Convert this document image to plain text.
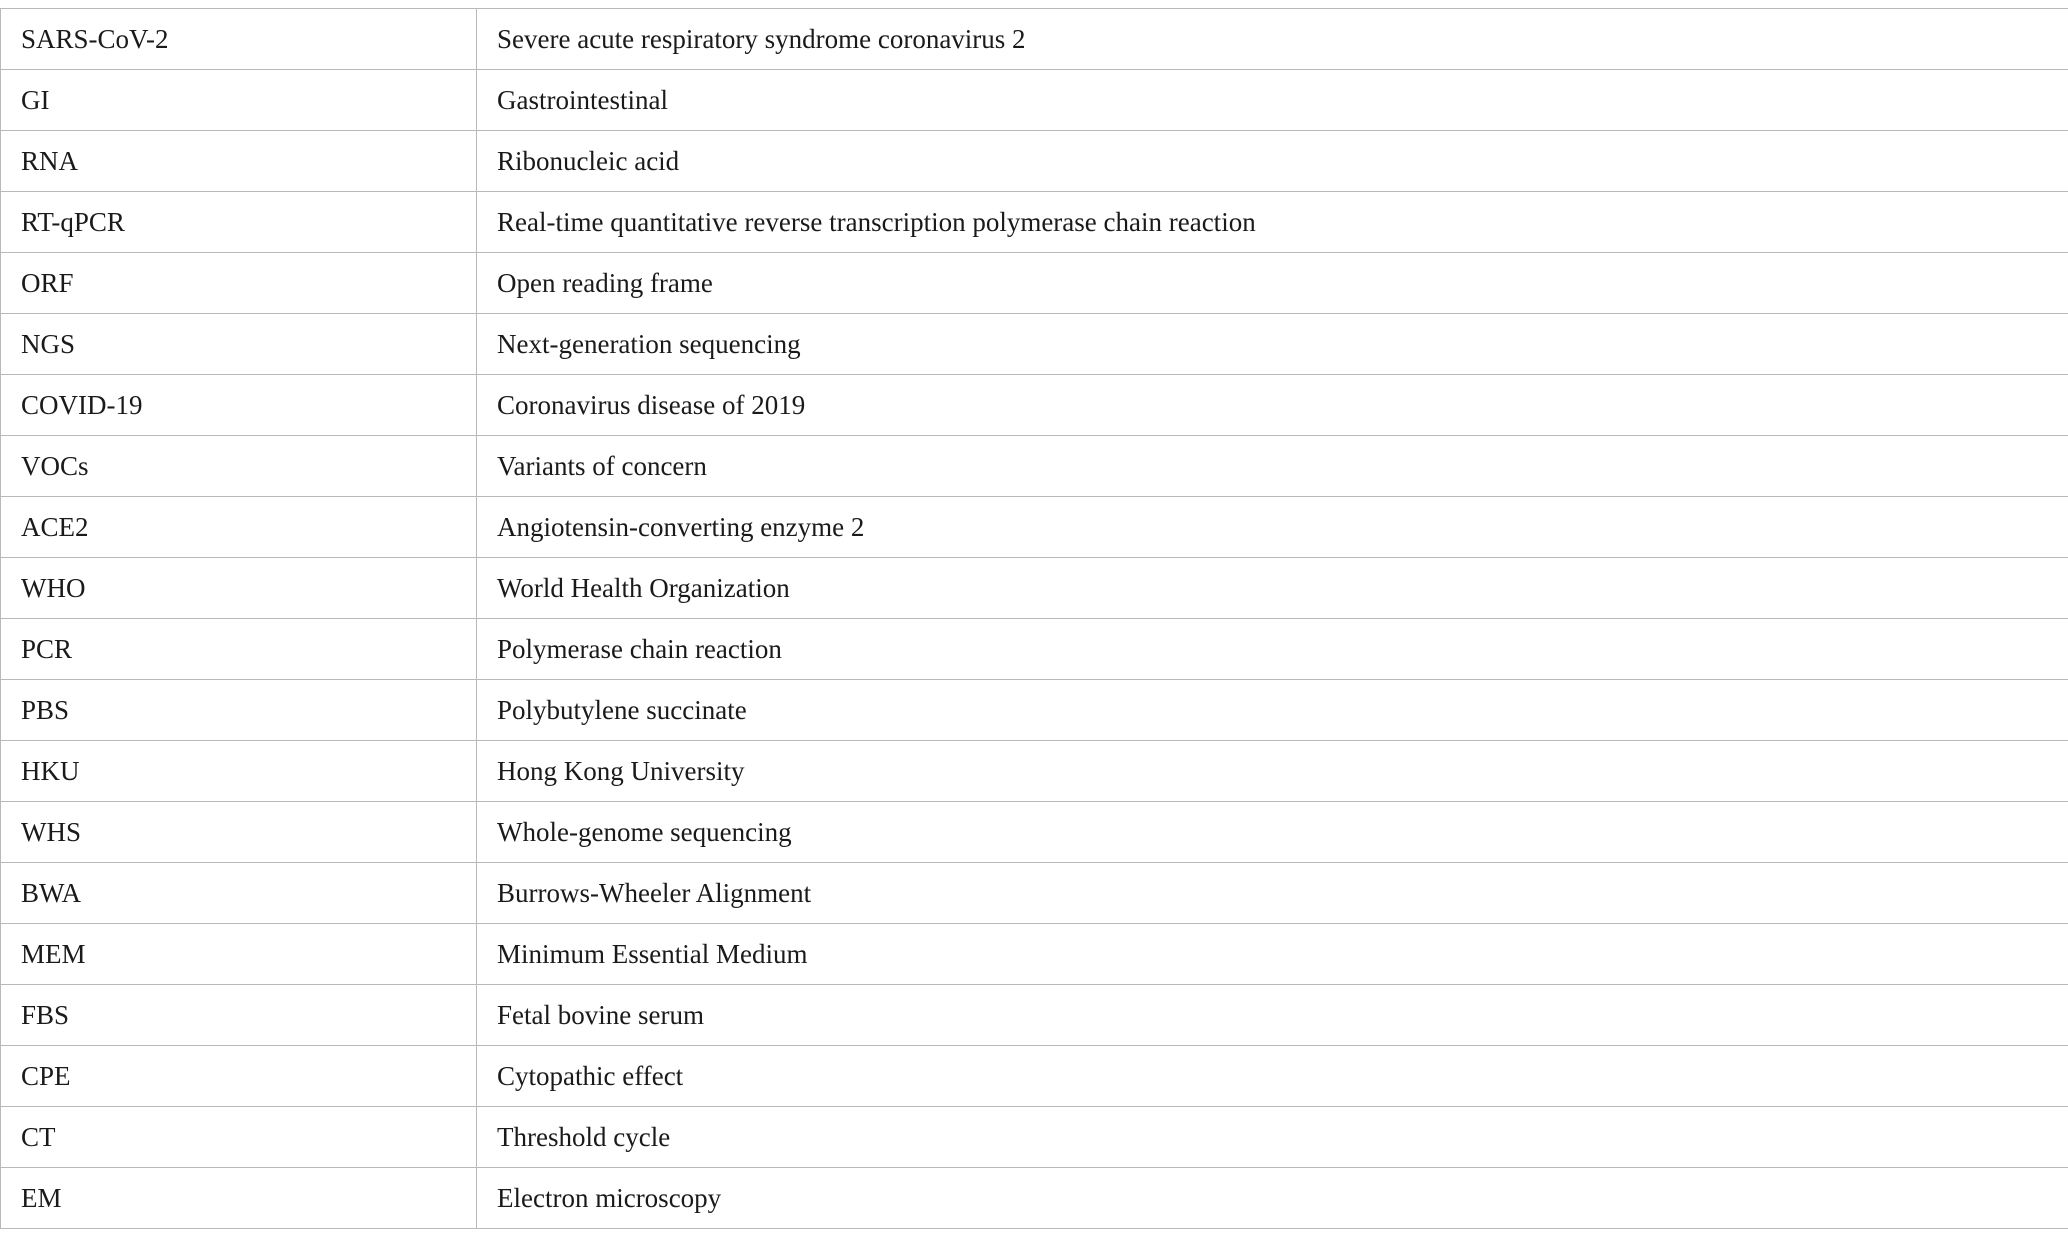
SARS-CoV-2	Severe acute respiratory syndrome coronavirus 2
GI	Gastrointestinal
RNA	Ribonucleic acid
RT-qPCR	Real-time quantitative reverse transcription polymerase chain reaction
ORF	Open reading frame
NGS	Next-generation sequencing
COVID-19	Coronavirus disease of 2019
VOCs	Variants of concern
ACE2	Angiotensin-converting enzyme 2
WHO	World Health Organization
PCR	Polymerase chain reaction
PBS	Polybutylene succinate
HKU	Hong Kong University
WHS	Whole-genome sequencing
BWA	Burrows-Wheeler Alignment
MEM	Minimum Essential Medium
FBS	Fetal bovine serum
CPE	Cytopathic effect
CT	Threshold cycle
EM	Electron microscopy
